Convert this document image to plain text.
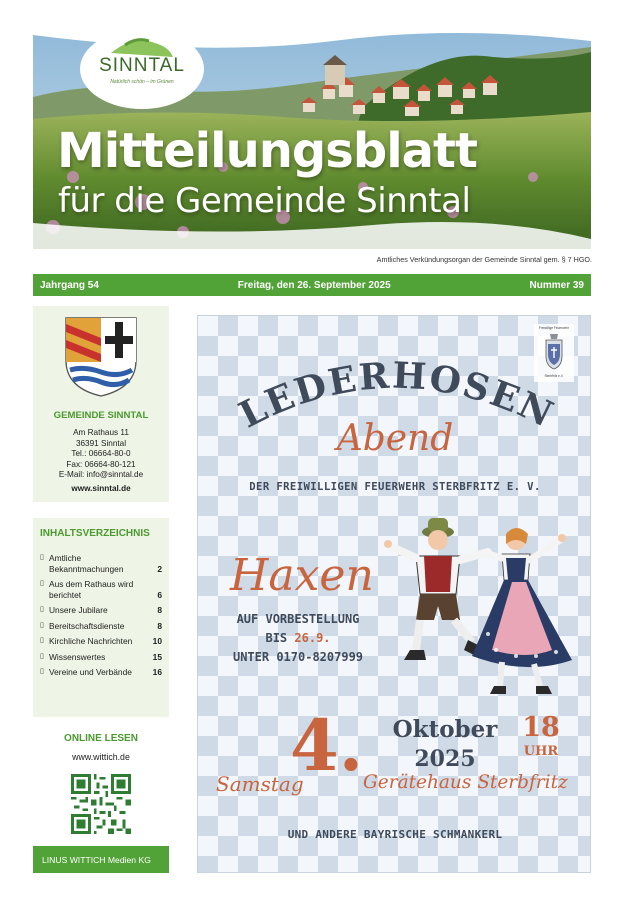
SINNTAL
Natürlich schön – im Grünen
Mitteilungsblatt
für die Gemeinde Sinntal
Amtliches Verkündungsorgan der Gemeinde Sinntal gem. § 7 HGO.
Jahrgang 54	Freitag, den 26. September 2025	Nummer 39
GEMEINDE SINNTAL
Am Rathaus 11
36391 Sinntal
Tel.: 06664-80-0
Fax: 06664-80-121
E-Mail: info@sinntal.de
www.sinntal.de
INHALTSVERZEICHNIS
▯ Amtliche Bekanntmachungen	2
▯ Aus dem Rathaus wird berichtet	6
▯ Unsere Jubilare	8
▯ Bereitschaftsdienste	8
▯ Kirchliche Nachrichten	10
▯ Wissenswertes	15
▯ Vereine und Verbände	16
ONLINE LESEN
www.wittich.de
LINUS WITTICH Medien KG
LEDERHOSEN
Freiwillige Feuerwehr
Sterbfritz e.V.
Abend
DER FREIWILLIGEN FEUERWEHR STERBFRITZ E. V.
Haxen
AUF VORBESTELLUNG
BIS 26.9.
UNTER 0170-8207999
4.	Oktober
2025
18
UHR
Samstag	Gerätehaus Sterbfritz
UND ANDERE BAYRISCHE SCHMANKERL
